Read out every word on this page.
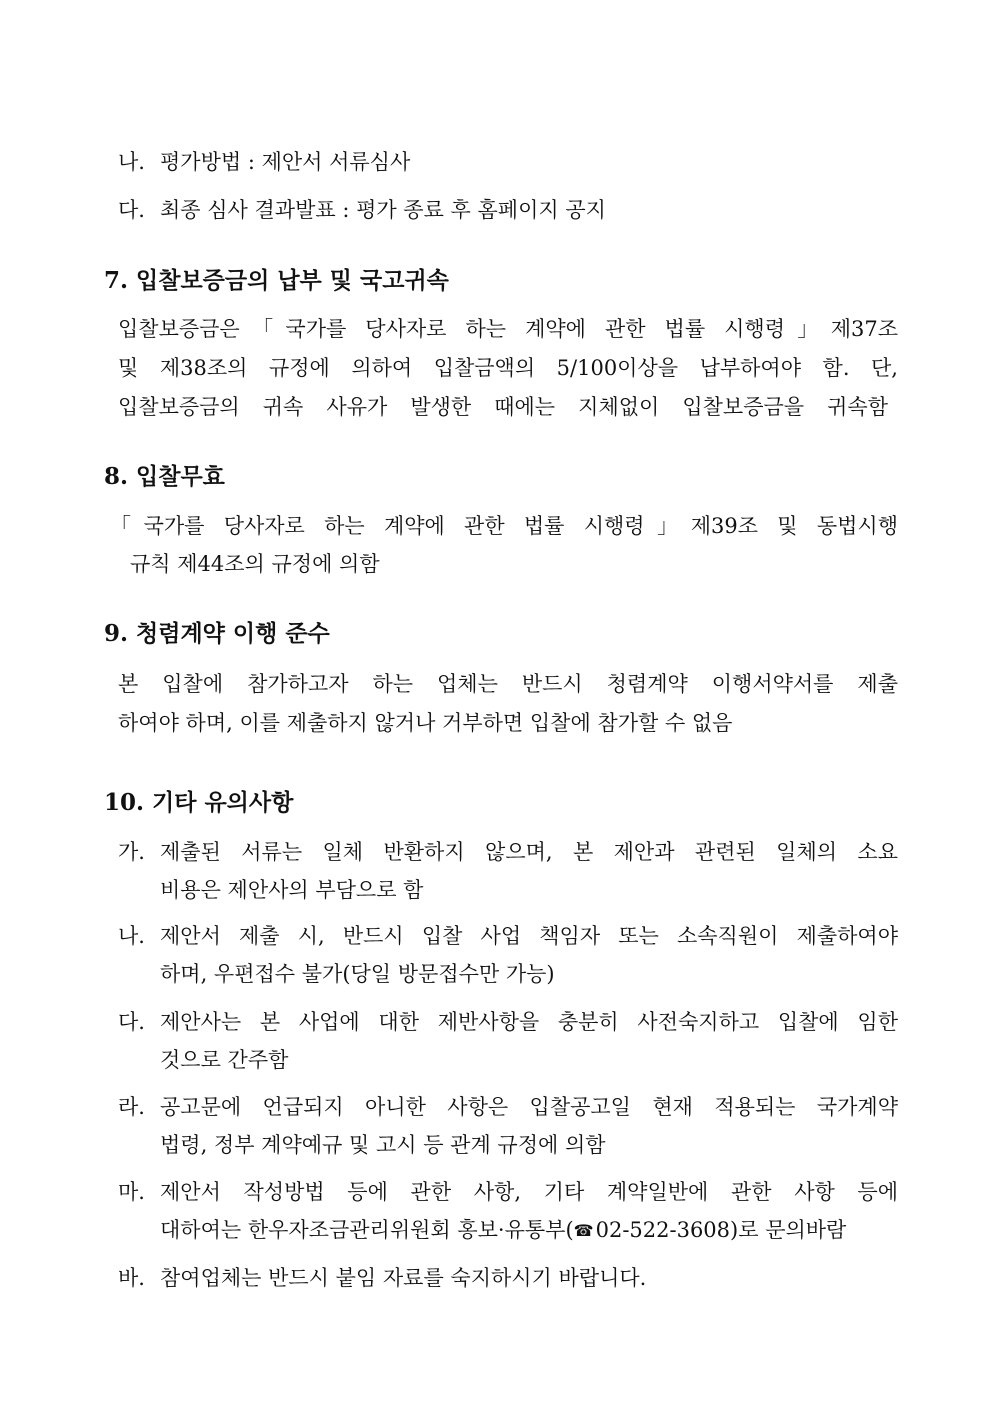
나. 평가방법 : 제안서 서류심사
다. 최종 심사 결과발표 : 평가 종료 후 홈페이지 공지
7. 입찰보증금의 납부 및 국고귀속
입찰보증금은「국가를 당사자로 하는 계약에 관한 법률 시행령」제37조
및 제38조의 규정에 의하여 입찰금액의 5/100이상을 납부하여야 함. 단,
입찰보증금의 귀속 사유가 발생한 때에는 지체없이 입찰보증금을 귀속함
8. 입찰무효
「국가를 당사자로 하는 계약에 관한 법률 시행령」제39조 및 동법시행
규칙 제44조의 규정에 의함
9. 청렴계약 이행 준수
본 입찰에 참가하고자 하는 업체는 반드시 청렴계약 이행서약서를 제출
하여야 하며, 이를 제출하지 않거나 거부하면 입찰에 참가할 수 없음
10. 기타 유의사항
가. 제출된 서류는 일체 반환하지 않으며, 본 제안과 관련된 일체의 소요
비용은 제안사의 부담으로 함
나. 제안서 제출 시, 반드시 입찰 사업 책임자 또는 소속직원이 제출하여야
하며, 우편접수 불가(당일 방문접수만 가능)
다. 제안사는 본 사업에 대한 제반사항을 충분히 사전숙지하고 입찰에 임한
것으로 간주함
라. 공고문에 언급되지 아니한 사항은 입찰공고일 현재 적용되는 국가계약
법령, 정부 계약예규 및 고시 등 관계 규정에 의함
마. 제안서 작성방법 등에 관한 사항, 기타 계약일반에 관한 사항 등에
대하여는 한우자조금관리위원회 홍보·유통부(☎02-522-3608)로 문의바람
바. 참여업체는 반드시 붙임 자료를 숙지하시기 바랍니다.
